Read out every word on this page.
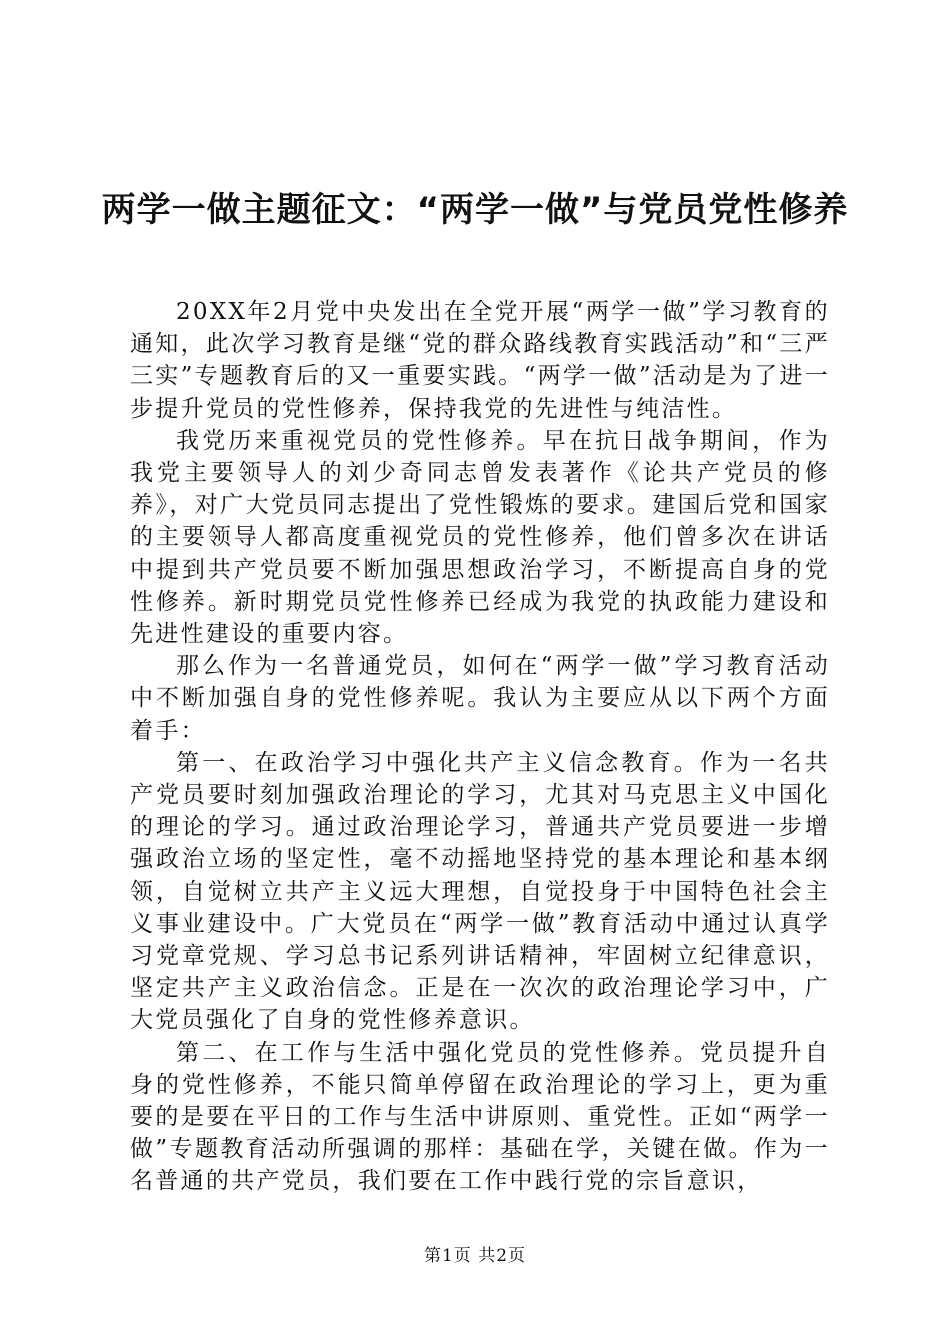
两学一做主题征文：“两学一做”与党员党性修养

20XX年2月党中央发出在全党开展“两学一做”学习教育的通知，此次学习教育是继“党的群众路线教育实践活动”和“三严三实”专题教育后的又一重要实践。“两学一做”活动是为了进一步提升党员的党性修养，保持我党的先进性与纯洁性。

我党历来重视党员的党性修养。早在抗日战争期间，作为我党主要领导人的刘少奇同志曾发表著作《论共产党员的修养》，对广大党员同志提出了党性锻炼的要求。建国后党和国家的主要领导人都高度重视党员的党性修养，他们曾多次在讲话中提到共产党员要不断加强思想政治学习，不断提高自身的党性修养。新时期党员党性修养已经成为我党的执政能力建设和先进性建设的重要内容。

那么作为一名普通党员，如何在“两学一做”学习教育活动中不断加强自身的党性修养呢。我认为主要应从以下两个方面着手：

第一、在政治学习中强化共产主义信念教育。作为一名共产党员要时刻加强政治理论的学习，尤其对马克思主义中国化的理论的学习。通过政治理论学习，普通共产党员要进一步增强政治立场的坚定性，毫不动摇地坚持党的基本理论和基本纲领，自觉树立共产主义远大理想，自觉投身于中国特色社会主义事业建设中。广大党员在“两学一做”教育活动中通过认真学习党章党规、学习总书记系列讲话精神，牢固树立纪律意识，坚定共产主义政治信念。正是在一次次的政治理论学习中，广大党员强化了自身的党性修养意识。

第二、在工作与生活中强化党员的党性修养。党员提升自身的党性修养，不能只简单停留在政治理论的学习上，更为重要的是要在平日的工作与生活中讲原则、重党性。正如“两学一做”专题教育活动所强调的那样：基础在学，关键在做。作为一名普通的共产党员，我们要在工作中践行党的宗旨意识，

第1页 共2页
